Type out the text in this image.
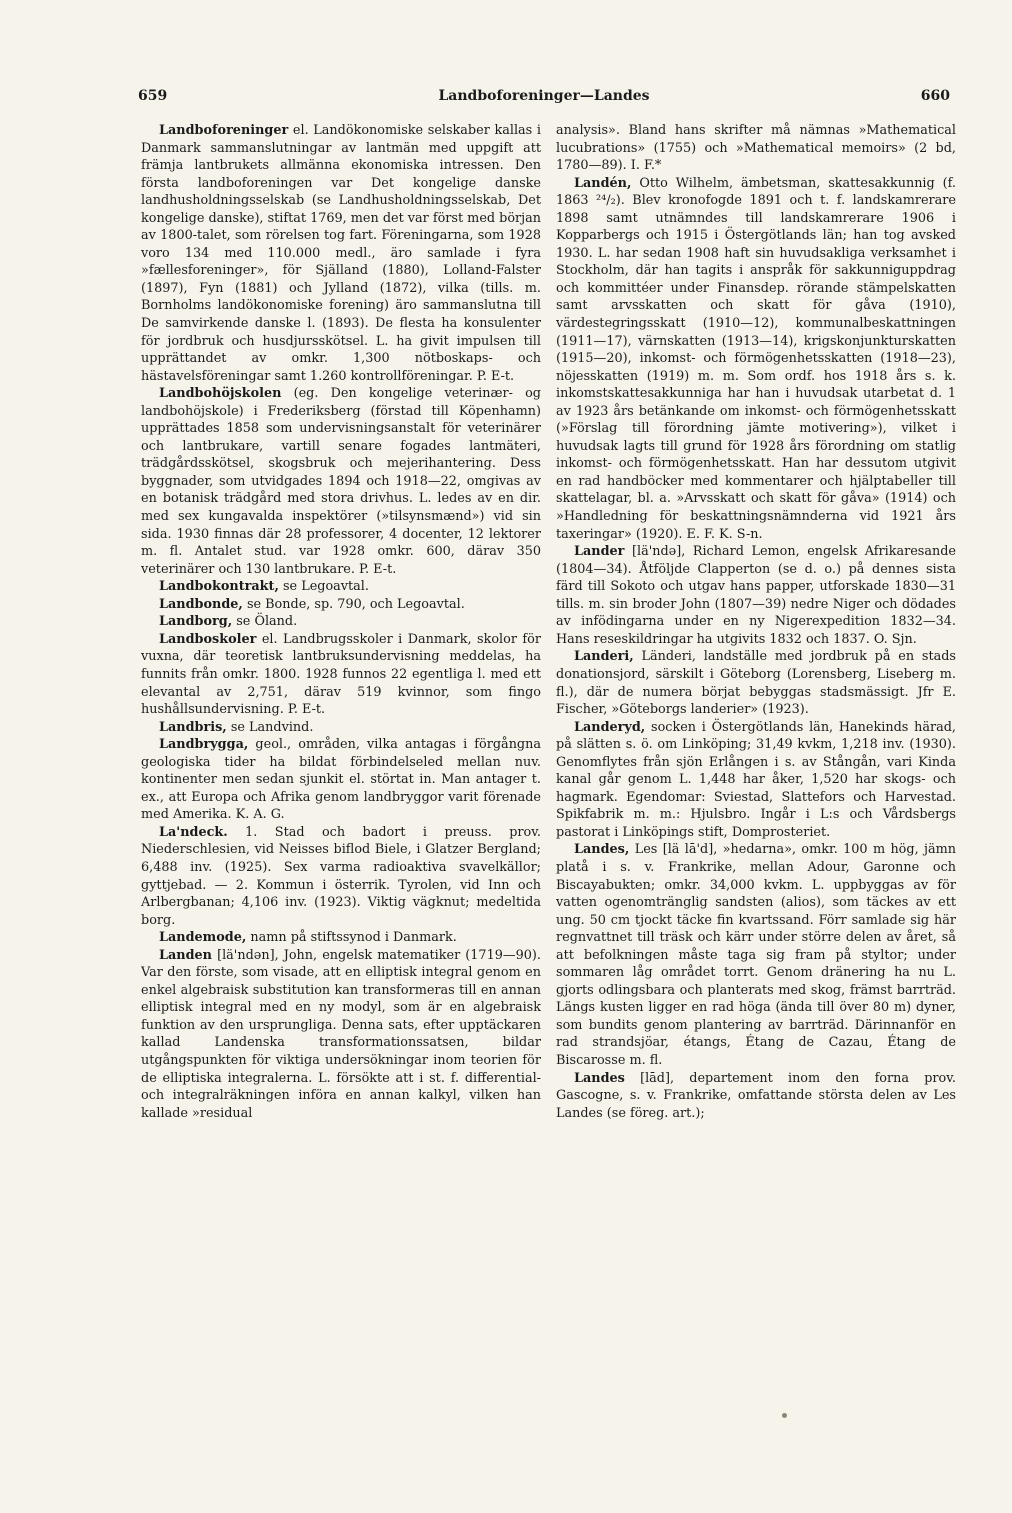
659	Landboforeninger—Landes	660

Landboforeninger el. Landökonomiske selskaber kallas i Danmark sammanslutningar av lantmän med uppgift att främja lantbrukets allmänna ekonomiska intressen. Den första landboforeningen var Det kongelige danske landhusholdningsselskab (se Landhusholdningsselskab, Det kongelige danske), stiftat 1769, men det var först med början av 1800-talet, som rörelsen tog fart. Föreningarna, som 1928 voro 134 med 110.000 medl., äro samlade i fyra »fællesforeninger», för Själland (1880), Lolland-Falster (1897), Fyn (1881) och Jylland (1872), vilka (tills. m. Bornholms landökonomiske forening) äro sammanslutna till De samvirkende danske l. (1893). De flesta ha konsulenter för jordbruk och husdjursskötsel. L. ha givit impulsen till upprättandet av omkr. 1,300 nötboskaps- och hästavelsföreningar samt 1.260 kontrollföreningar. P. E-t.

Landbohöjskolen (eg. Den kongelige veterinær- og landbohöjskole) i Frederiksberg (förstad till Köpenhamn) upprättades 1858 som undervisningsanstalt för veterinärer och lantbrukare, vartill senare fogades lantmäteri, trädgårdsskötsel, skogsbruk och mejerihantering. Dess byggnader, som utvidgades 1894 och 1918—22, omgivas av en botanisk trädgård med stora drivhus. L. ledes av en dir. med sex kungavalda inspektörer (»tilsynsmænd») vid sin sida. 1930 finnas där 28 professorer, 4 docenter, 12 lektorer m. fl. Antalet stud. var 1928 omkr. 600, därav 350 veterinärer och 130 lantbrukare. P. E-t.

Landbokontrakt, se Legoavtal.

Landbonde, se Bonde, sp. 790, och Legoavtal.

Landborg, se Öland.

Landboskoler el. Landbrugsskoler i Danmark, skolor för vuxna, där teoretisk lantbruksundervisning meddelas, ha funnits från omkr. 1800. 1928 funnos 22 egentliga l. med ett elevantal av 2,751, därav 519 kvinnor, som fingo hushållsundervisning. P. E-t.

Landbris, se Landvind.

Landbrygga, geol., områden, vilka antagas i förgångna geologiska tider ha bildat förbindelseled mellan nuv. kontinenter men sedan sjunkit el. störtat in. Man antager t. ex., att Europa och Afrika genom landbryggor varit förenade med Amerika. K. A. G.

La'ndeck. 1. Stad och badort i preuss. prov. Niederschlesien, vid Neisses biflod Biele, i Glatzer Bergland; 6,488 inv. (1925). Sex varma radioaktiva svavelkällor; gyttjebad. — 2. Kommun i österrik. Tyrolen, vid Inn och Arlbergbanan; 4,106 inv. (1923). Viktig vägknut; medeltida borg.

Landemode, namn på stiftssynod i Danmark.

Landen [lä'ndən], John, engelsk matematiker (1719—90). Var den förste, som visade, att en elliptisk integral genom en enkel algebraisk substitution kan transformeras till en annan elliptisk integral med en ny modyl, som är en algebraisk funktion av den ursprungliga. Denna sats, efter upptäckaren kallad Landenska transformationssatsen, bildar utgångspunkten för viktiga undersökningar inom teorien för de elliptiska integralerna. L. försökte att i st. f. differential- och integralräkningen införa en annan kalkyl, vilken han kallade »residual

analysis». Bland hans skrifter må nämnas »Mathematical lucubrations» (1755) och »Mathematical memoirs» (2 bd, 1780—89). I. F.*

Landén, Otto Wilhelm, ämbetsman, skattesakkunnig (f. 1863 ²⁴/₂). Blev kronofogde 1891 och t. f. landskamrerare 1898 samt utnämndes till landskamrerare 1906 i Kopparbergs och 1915 i Östergötlands län; han tog avsked 1930. L. har sedan 1908 haft sin huvudsakliga verksamhet i Stockholm, där han tagits i anspråk för sakkunniguppdrag och kommittéer under Finansdep. rörande stämpelskatten samt arvsskatten och skatt för gåva (1910), värdestegringsskatt (1910—12), kommunalbeskattningen (1911—17), värnskatten (1913—14), krigskonjunkturskatten (1915—20), inkomst- och förmögenhetsskatten (1918—23), nöjesskatten (1919) m. m. Som ordf. hos 1918 års s. k. inkomstskattesakkunniga har han i huvudsak utarbetat d. 1 av 1923 års betänkande om inkomst- och förmögenhetsskatt (»Förslag till förordning jämte motivering»), vilket i huvudsak lagts till grund för 1928 års förordning om statlig inkomst- och förmögenhetsskatt. Han har dessutom utgivit en rad handböcker med kommentarer och hjälptabeller till skattelagar, bl. a. »Arvsskatt och skatt för gåva» (1914) och »Handledning för beskattningsnämnderna vid 1921 års taxeringar» (1920). E. F. K. S-n.

Lander [lä'ndə], Richard Lemon, engelsk Afrikaresande (1804—34). Åtföljde Clapperton (se d. o.) på dennes sista färd till Sokoto och utgav hans papper, utforskade 1830—31 tills. m. sin broder John (1807—39) nedre Niger och dödades av infödingarna under en ny Nigerexpedition 1832—34. Hans reseskildringar ha utgivits 1832 och 1837. O. Sjn.

Landeri, Länderi, landställe med jordbruk på en stads donationsjord, särskilt i Göteborg (Lorensberg, Liseberg m. fl.), där de numera börjat bebyggas stadsmässigt. Jfr E. Fischer, »Göteborgs landerier» (1923).

Landeryd, socken i Östergötlands län, Hanekinds härad, på slätten s. ö. om Linköping; 31,49 kvkm, 1,218 inv. (1930). Genomflytes från sjön Erlången i s. av Stångån, vari Kinda kanal går genom L. 1,448 har åker, 1,520 har skogs- och hagmark. Egendomar: Sviestad, Slattefors och Harvestad. Spikfabrik m. m.: Hjulsbro. Ingår i L:s och Vårdsbergs pastorat i Linköpings stift, Domprosteriet.

Landes, Les [lä lā'd], »hedarna», omkr. 100 m hög, jämn platå i s. v. Frankrike, mellan Adour, Garonne och Biscayabukten; omkr. 34,000 kvkm. L. uppbyggas av för vatten ogenomtränglig sandsten (alios), som täckes av ett ung. 50 cm tjockt täcke fin kvartssand. Förr samlade sig här regnvattnet till träsk och kärr under större delen av året, så att befolkningen måste taga sig fram på styltor; under sommaren låg området torrt. Genom dränering ha nu L. gjorts odlingsbara och planterats med skog, främst barrträd. Längs kusten ligger en rad höga (ända till över 80 m) dyner, som bundits genom plantering av barrträd. Därinnanför en rad strandsjöar, étangs, Étang de Cazau, Étang de Biscarosse m. fl.

Landes [lād], departement inom den forna prov. Gascogne, s. v. Frankrike, omfattande största delen av Les Landes (se föreg. art.);
